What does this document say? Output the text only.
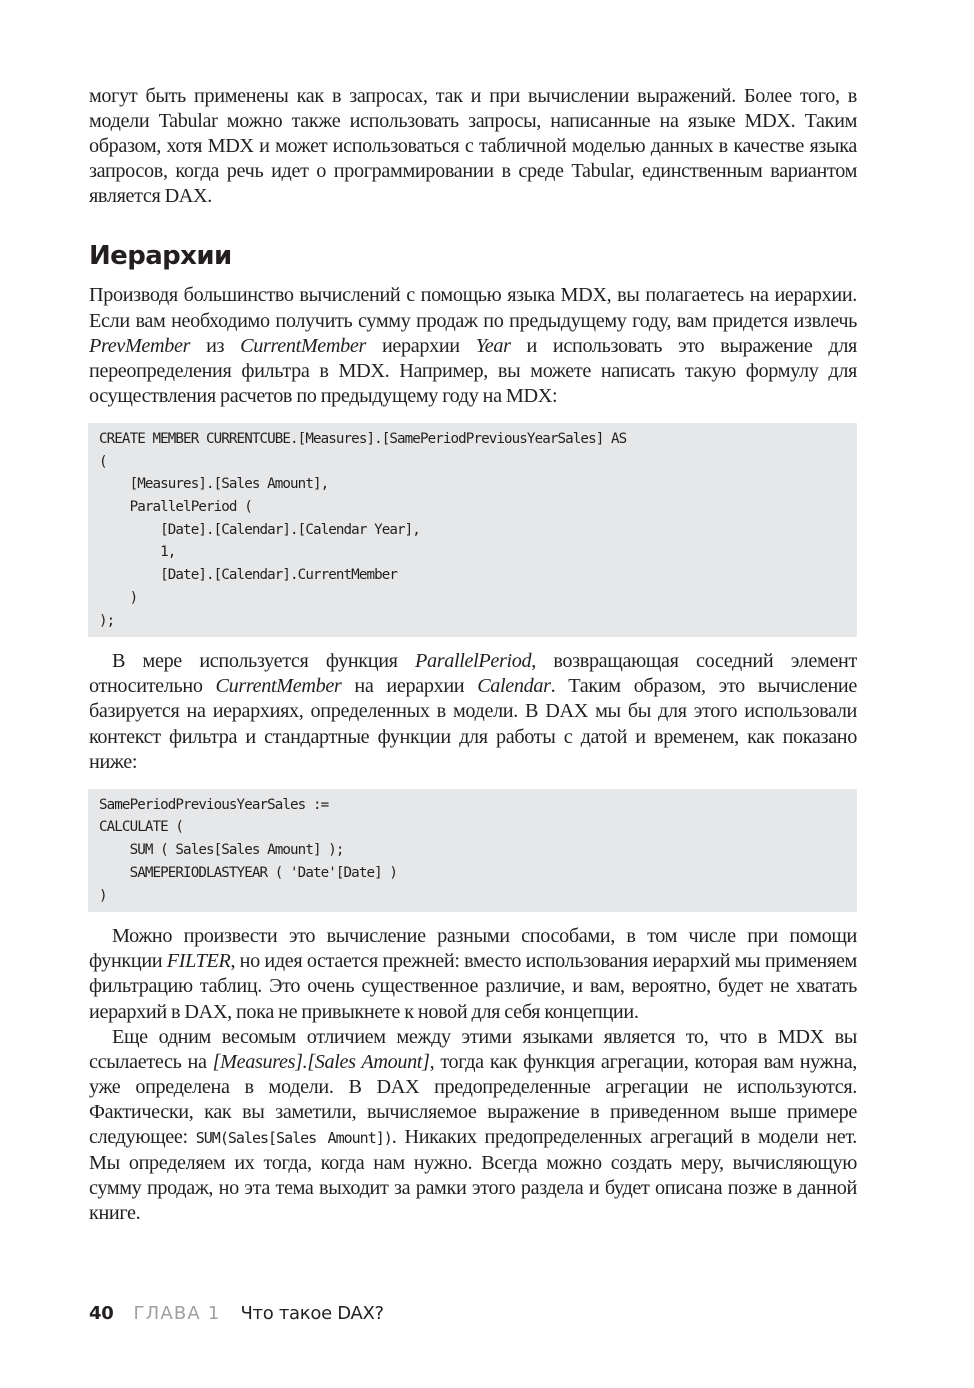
могут быть применены как в запросах, так и при вычислении выражений. Более того, в модели Tabular можно также использовать запросы, написанные на языке MDX. Таким образом, хотя MDX и может использоваться с табличной моделью данных в качестве языка запросов, когда речь идет о программировании в среде Tabular, единственным вариантом является DAX.

Иерархии

Производя большинство вычислений с помощью языка MDX, вы полагаетесь на иерархии. Если вам необходимо получить сумму продаж по предыдущему году, вам придется извлечь PrevMember из CurrentMember иерархии Year и использовать это выражение для переопределения фильтра в MDX. Например, вы можете написать такую формулу для осуществления расчетов по предыдущему году на MDX:

CREATE MEMBER CURRENTCUBE.[Measures].[SamePeriodPreviousYearSales] AS
(
[Measures].[Sales Amount],
ParallelPeriod (
[Date].[Calendar].[Calendar Year],
1,
[Date].[Calendar].CurrentMember
)
);

В мере используется функция ParallelPeriod, возвращающая соседний элемент относительно CurrentMember на иерархии Calendar. Таким образом, это вычисление базируется на иерархиях, определенных в модели. В DAX мы бы для этого использовали контекст фильтра и стандартные функции для работы с датой и временем, как показано ниже:

SamePeriodPreviousYearSales :=
CALCULATE (
SUM ( Sales[Sales Amount] );
SAMEPERIODLASTYEAR ( 'Date'[Date] )
)

Можно произвести это вычисление разными способами, в том числе при помощи функции FILTER, но идея остается прежней: вместо использования иерархий мы применяем фильтрацию таблиц. Это очень существенное различие, и вам, вероятно, будет не хватать иерархий в DAX, пока не привыкнете к новой для себя концепции.

Еще одним весомым отличием между этими языками является то, что в MDX вы ссылаетесь на [Measures].[Sales Amount], тогда как функция агрегации, которая вам нужна, уже определена в модели. В DAX предопределенные агрегации не используются. Фактически, как вы заметили, вычисляемое выражение в приведенном выше примере следующее: SUM(Sales[Sales Amount]). Никаких предопределенных агрегаций в модели нет. Мы определяем их тогда, когда нам нужно. Всегда можно создать меру, вычисляющую сумму продаж, но эта тема выходит за рамки этого раздела и будет описана позже в данной книге.

40 ГЛАВА 1 Что такое DAX?
